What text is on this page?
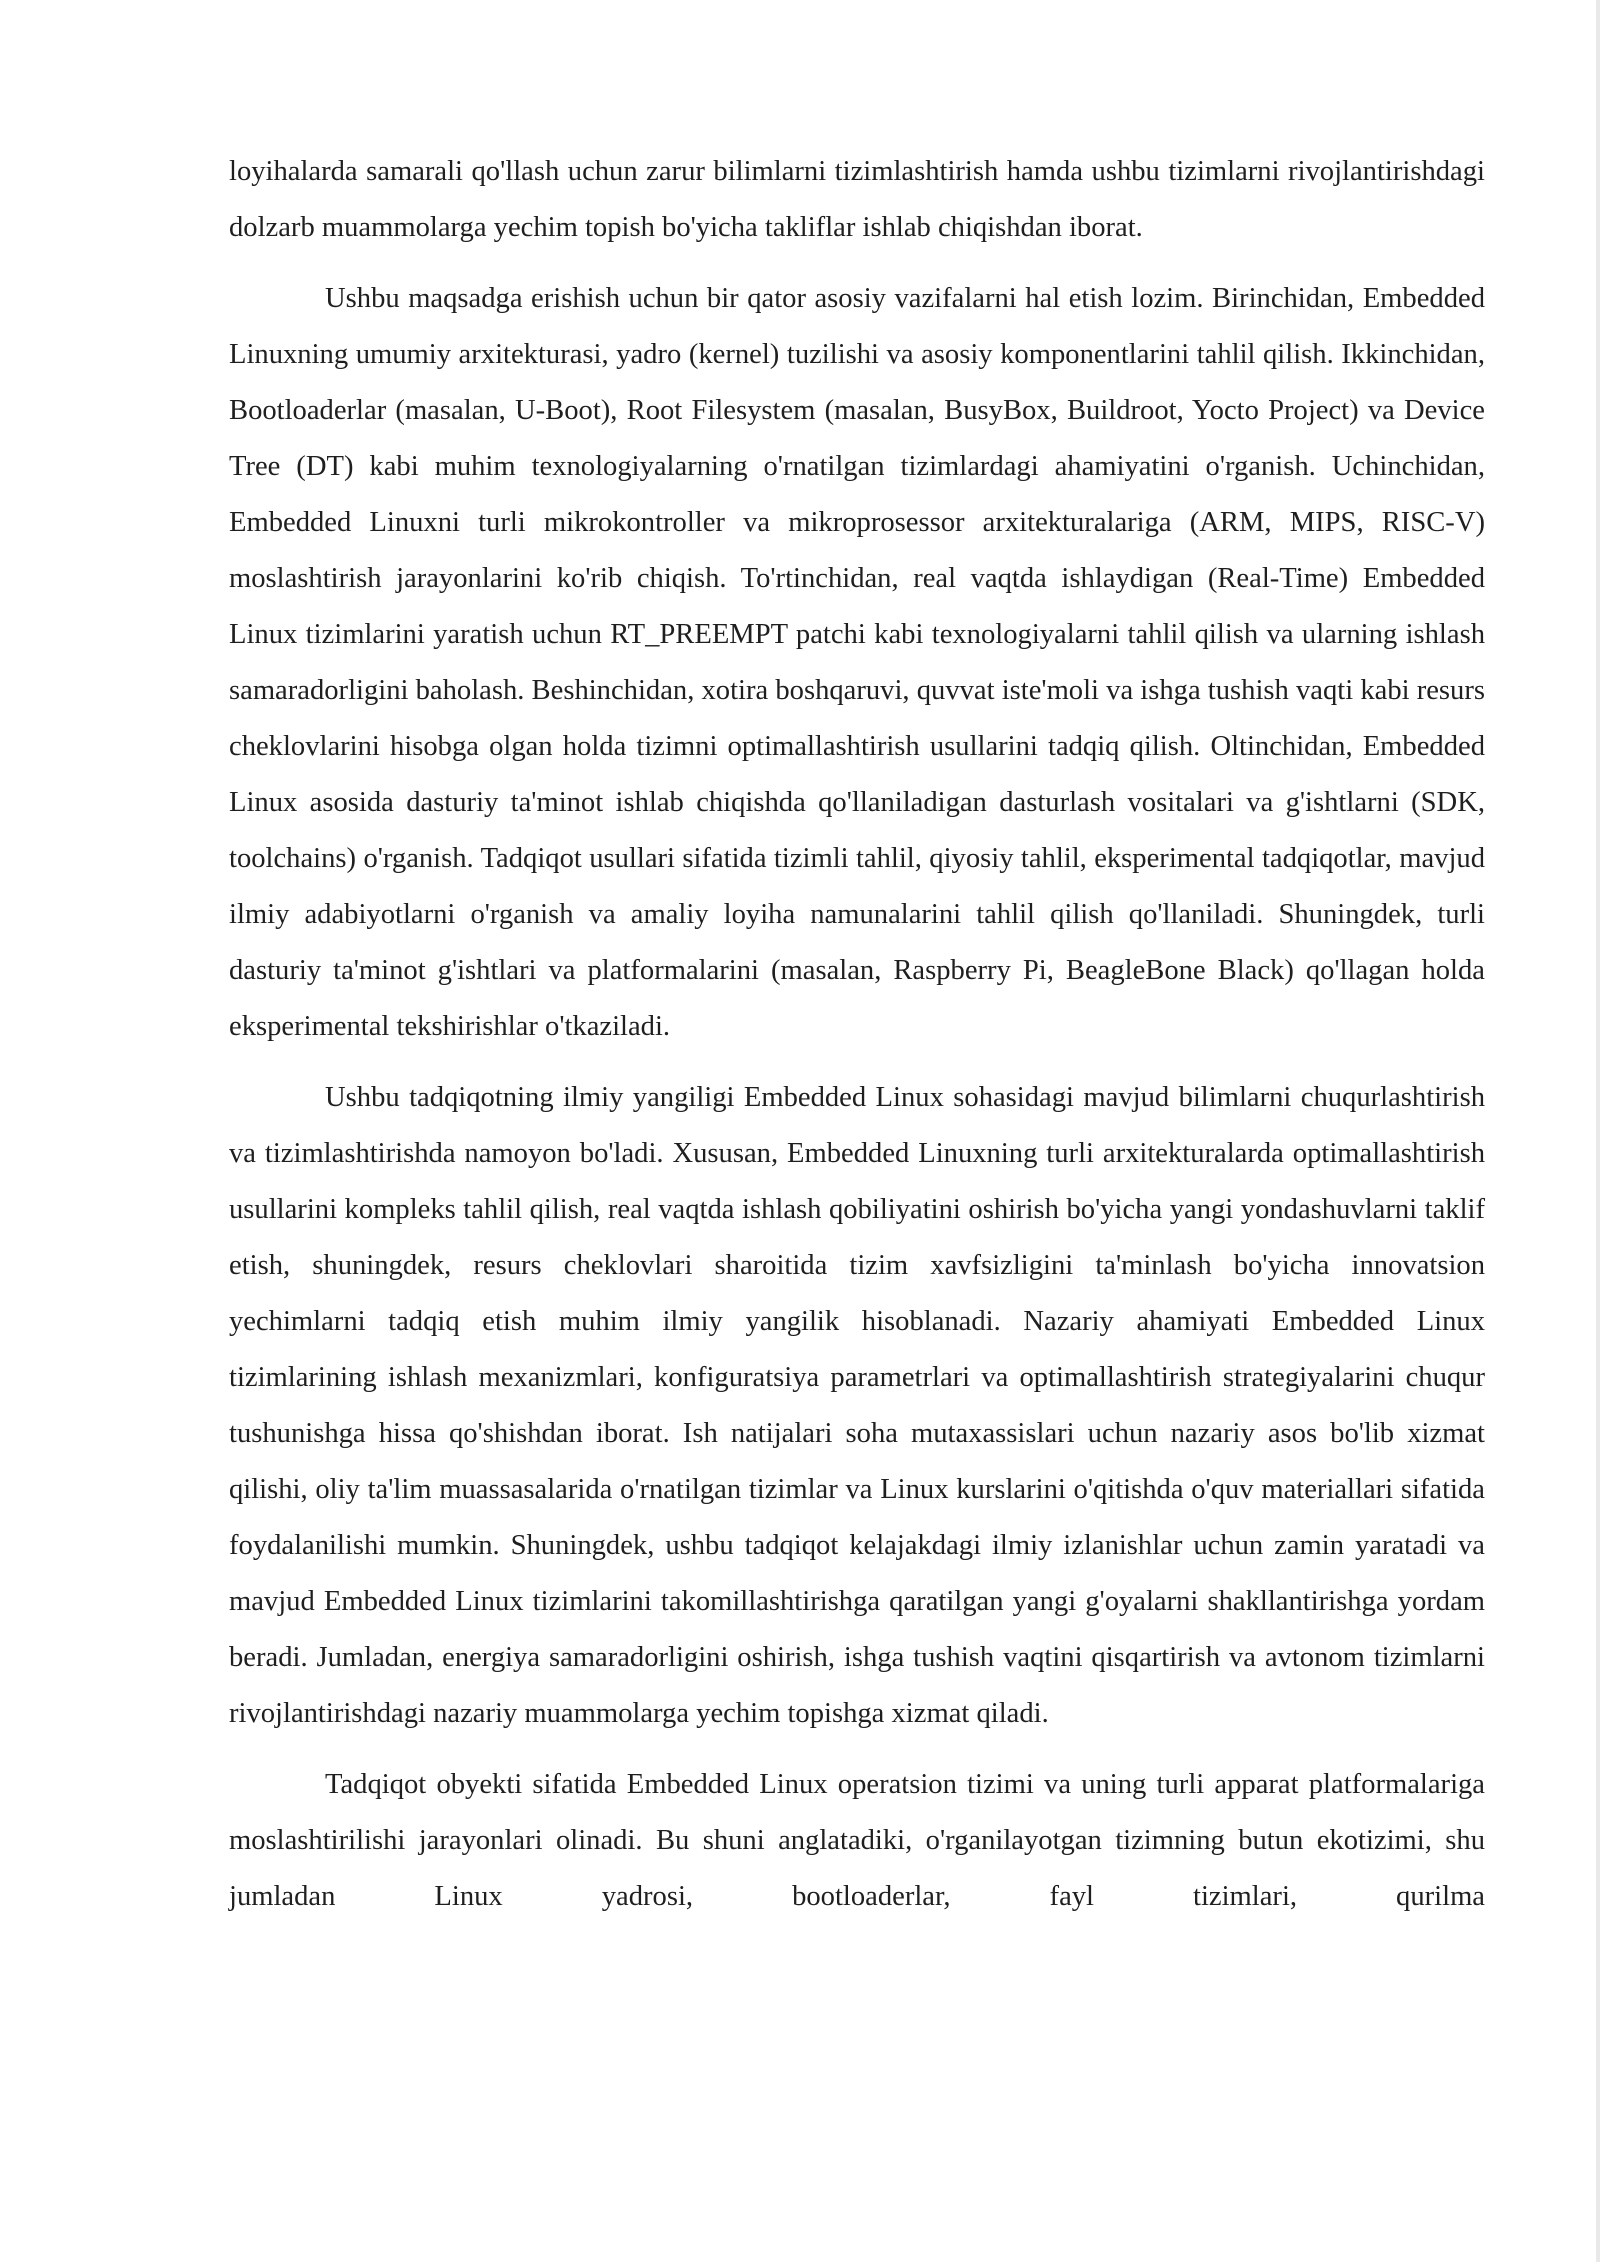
loyihalarda samarali qo'llash uchun zarur bilimlarni tizimlashtirish hamda ushbu tizimlarni rivojlantirishdagi dolzarb muammolarga yechim topish bo'yicha takliflar ishlab chiqishdan iborat.

Ushbu maqsadga erishish uchun bir qator asosiy vazifalarni hal etish lozim. Birinchidan, Embedded Linuxning umumiy arxitekturasi, yadro (kernel) tuzilishi va asosiy komponentlarini tahlil qilish. Ikkinchidan, Bootloaderlar (masalan, U-Boot), Root Filesystem (masalan, BusyBox, Buildroot, Yocto Project) va Device Tree (DT) kabi muhim texnologiyalarning o'rnatilgan tizimlardagi ahamiyatini o'rganish. Uchinchidan, Embedded Linuxni turli mikrokontroller va mikroprosessor arxitekturalariga (ARM, MIPS, RISC-V) moslashtirish jarayonlarini ko'rib chiqish. To'rtinchidan, real vaqtda ishlaydigan (Real-Time) Embedded Linux tizimlarini yaratish uchun RT_PREEMPT patchi kabi texnologiyalarni tahlil qilish va ularning ishlash samaradorligini baholash. Beshinchidan, xotira boshqaruvi, quvvat iste'moli va ishga tushish vaqti kabi resurs cheklovlarini hisobga olgan holda tizimni optimallashtirish usullarini tadqiq qilish. Oltinchidan, Embedded Linux asosida dasturiy ta'minot ishlab chiqishda qo'llaniladigan dasturlash vositalari va g'ishtlarni (SDK, toolchains) o'rganish. Tadqiqot usullari sifatida tizimli tahlil, qiyosiy tahlil, eksperimental tadqiqotlar, mavjud ilmiy adabiyotlarni o'rganish va amaliy loyiha namunalarini tahlil qilish qo'llaniladi. Shuningdek, turli dasturiy ta'minot g'ishtlari va platformalarini (masalan, Raspberry Pi, BeagleBone Black) qo'llagan holda eksperimental tekshirishlar o'tkaziladi.

Ushbu tadqiqotning ilmiy yangiligi Embedded Linux sohasidagi mavjud bilimlarni chuqurlashtirish va tizimlashtirishda namoyon bo'ladi. Xususan, Embedded Linuxning turli arxitekturalarda optimallashtirish usullarini kompleks tahlil qilish, real vaqtda ishlash qobiliyatini oshirish bo'yicha yangi yondashuvlarni taklif etish, shuningdek, resurs cheklovlari sharoitida tizim xavfsizligini ta'minlash bo'yicha innovatsion yechimlarni tadqiq etish muhim ilmiy yangilik hisoblanadi. Nazariy ahamiyati Embedded Linux tizimlarining ishlash mexanizmlari, konfiguratsiya parametrlari va optimallashtirish strategiyalarini chuqur tushunishga hissa qo'shishdan iborat. Ish natijalari soha mutaxassislari uchun nazariy asos bo'lib xizmat qilishi, oliy ta'lim muassasalarida o'rnatilgan tizimlar va Linux kurslarini o'qitishda o'quv materiallari sifatida foydalanilishi mumkin. Shuningdek, ushbu tadqiqot kelajakdagi ilmiy izlanishlar uchun zamin yaratadi va mavjud Embedded Linux tizimlarini takomillashtirishga qaratilgan yangi g'oyalarni shakllantirishga yordam beradi. Jumladan, energiya samaradorligini oshirish, ishga tushish vaqtini qisqartirish va avtonom tizimlarni rivojlantirishdagi nazariy muammolarga yechim topishga xizmat qiladi.

Tadqiqot obyekti sifatida Embedded Linux operatsion tizimi va uning turli apparat platformalariga moslashtirilishi jarayonlari olinadi. Bu shuni anglatadiki, o'rganilayotgan tizimning butun ekotizimi, shu jumladan Linux yadrosi, bootloaderlar, fayl tizimlari, qurilma
